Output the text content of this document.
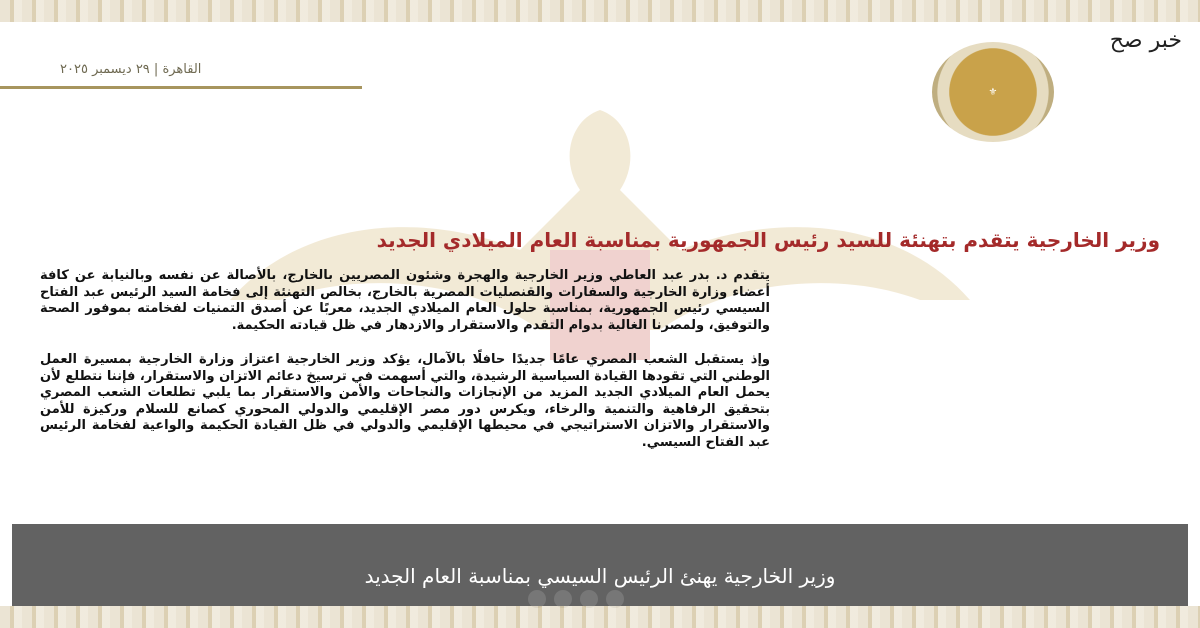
خبر صح
⚜
القاهرة | ٢٩ ديسمبر ٢٠٢٥
وزير الخارجية يتقدم بتهنئة للسيد رئيس الجمهورية بمناسبة العام الميلادي الجديد

يتقدم د. بدر عبد العاطي وزير الخارجية والهجرة وشئون المصريين بالخارج، بالأصالة عن نفسه وبالنيابة عن كافة أعضاء وزارة الخارجية والسفارات والقنصليات المصرية بالخارج، بخالص التهنئة إلى فخامة السيد الرئيس عبد الفتاح السيسي رئيس الجمهورية، بمناسبة حلول العام الميلادي الجديد، معربًا عن أصدق التمنيات لفخامته بموفور الصحة والتوفيق، ولمصرنا الغالية بدوام التقدم والاستقرار والازدهار في ظل قيادته الحكيمة.

وإذ يستقبل الشعب المصري عامًا جديدًا حافلًا بالآمال، يؤكد وزير الخارجية اعتزاز وزارة الخارجية بمسيرة العمل الوطني التي تقودها القيادة السياسية الرشيدة، والتي أسهمت في ترسيخ دعائم الاتزان والاستقرار، فإننا نتطلع لأن يحمل العام الميلادي الجديد المزيد من الإنجازات والنجاحات والأمن والاستقرار بما يلبي تطلعات الشعب المصري بتحقيق الرفاهية والتنمية والرخاء، ويكرس دور مصر الإقليمي والدولي المحوري كصانع للسلام وركيزة للأمن والاستقرار والاتزان الاستراتيجي في محيطها الإقليمي والدولي في ظل القيادة الحكيمة والواعية لفخامة الرئيس عبد الفتاح السيسي.

وزير الخارجية يهنئ الرئيس السيسي بمناسبة العام الجديد
